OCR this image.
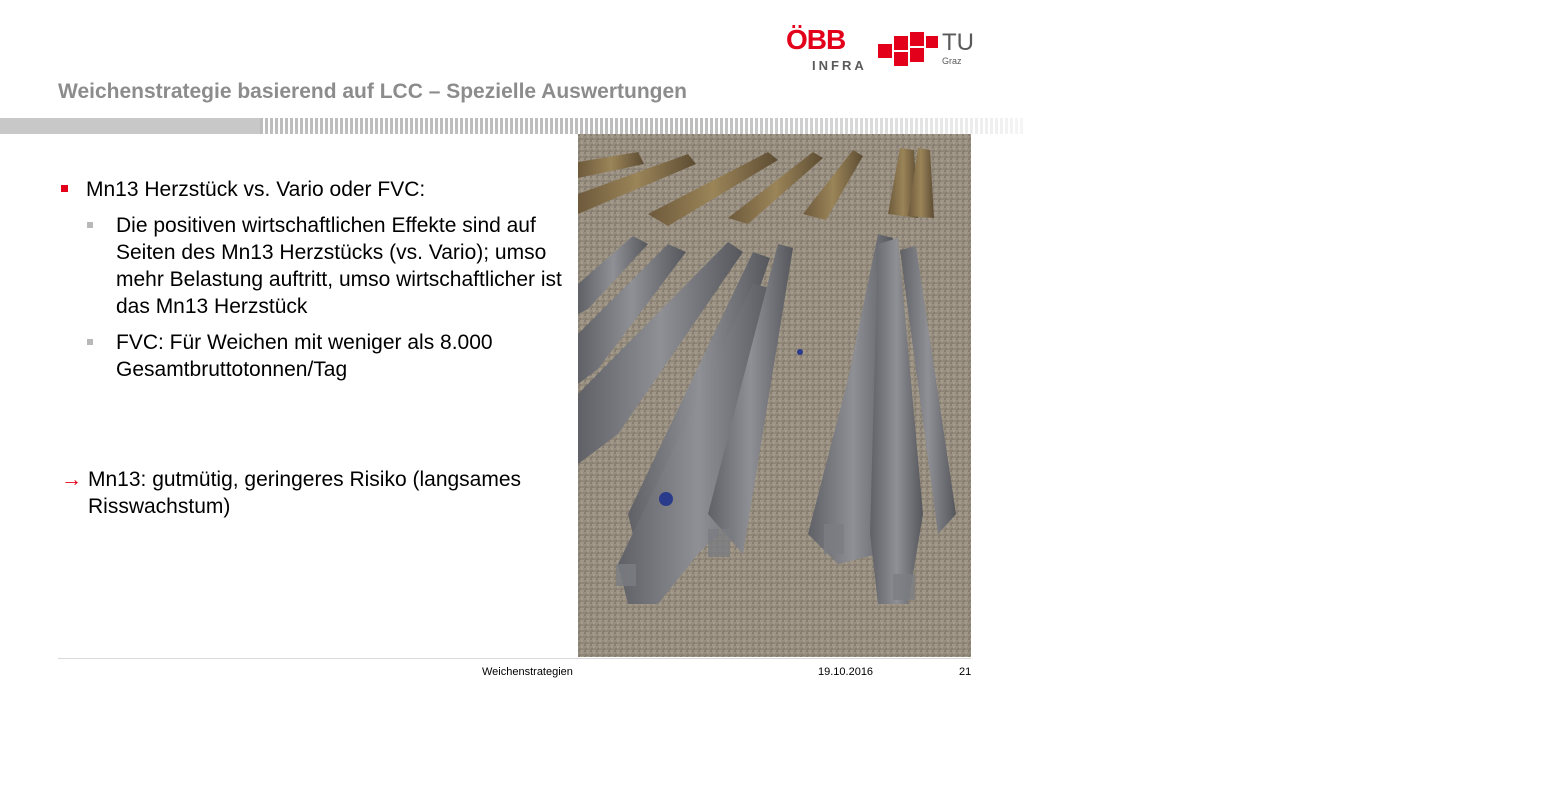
ÖBB
INFRA
TU
Graz
Weichenstrategie basierend auf LCC – Spezielle Auswertungen

Mn13 Herzstück vs. Vario oder FVC:

Die positiven wirtschaftlichen Effekte sind auf Seiten des Mn13 Herzstücks (vs. Vario); umso mehr Belastung auftritt, umso wirtschaftlicher ist das Mn13 Herzstück

FVC: Für Weichen mit weniger als 8.000 Gesamtbruttotonnen/Tag

→ Mn13: gutmütig, geringeres Risiko (langsames Risswachstum)
Wiesmann
Weichenstrategien	19.10.2016	21
